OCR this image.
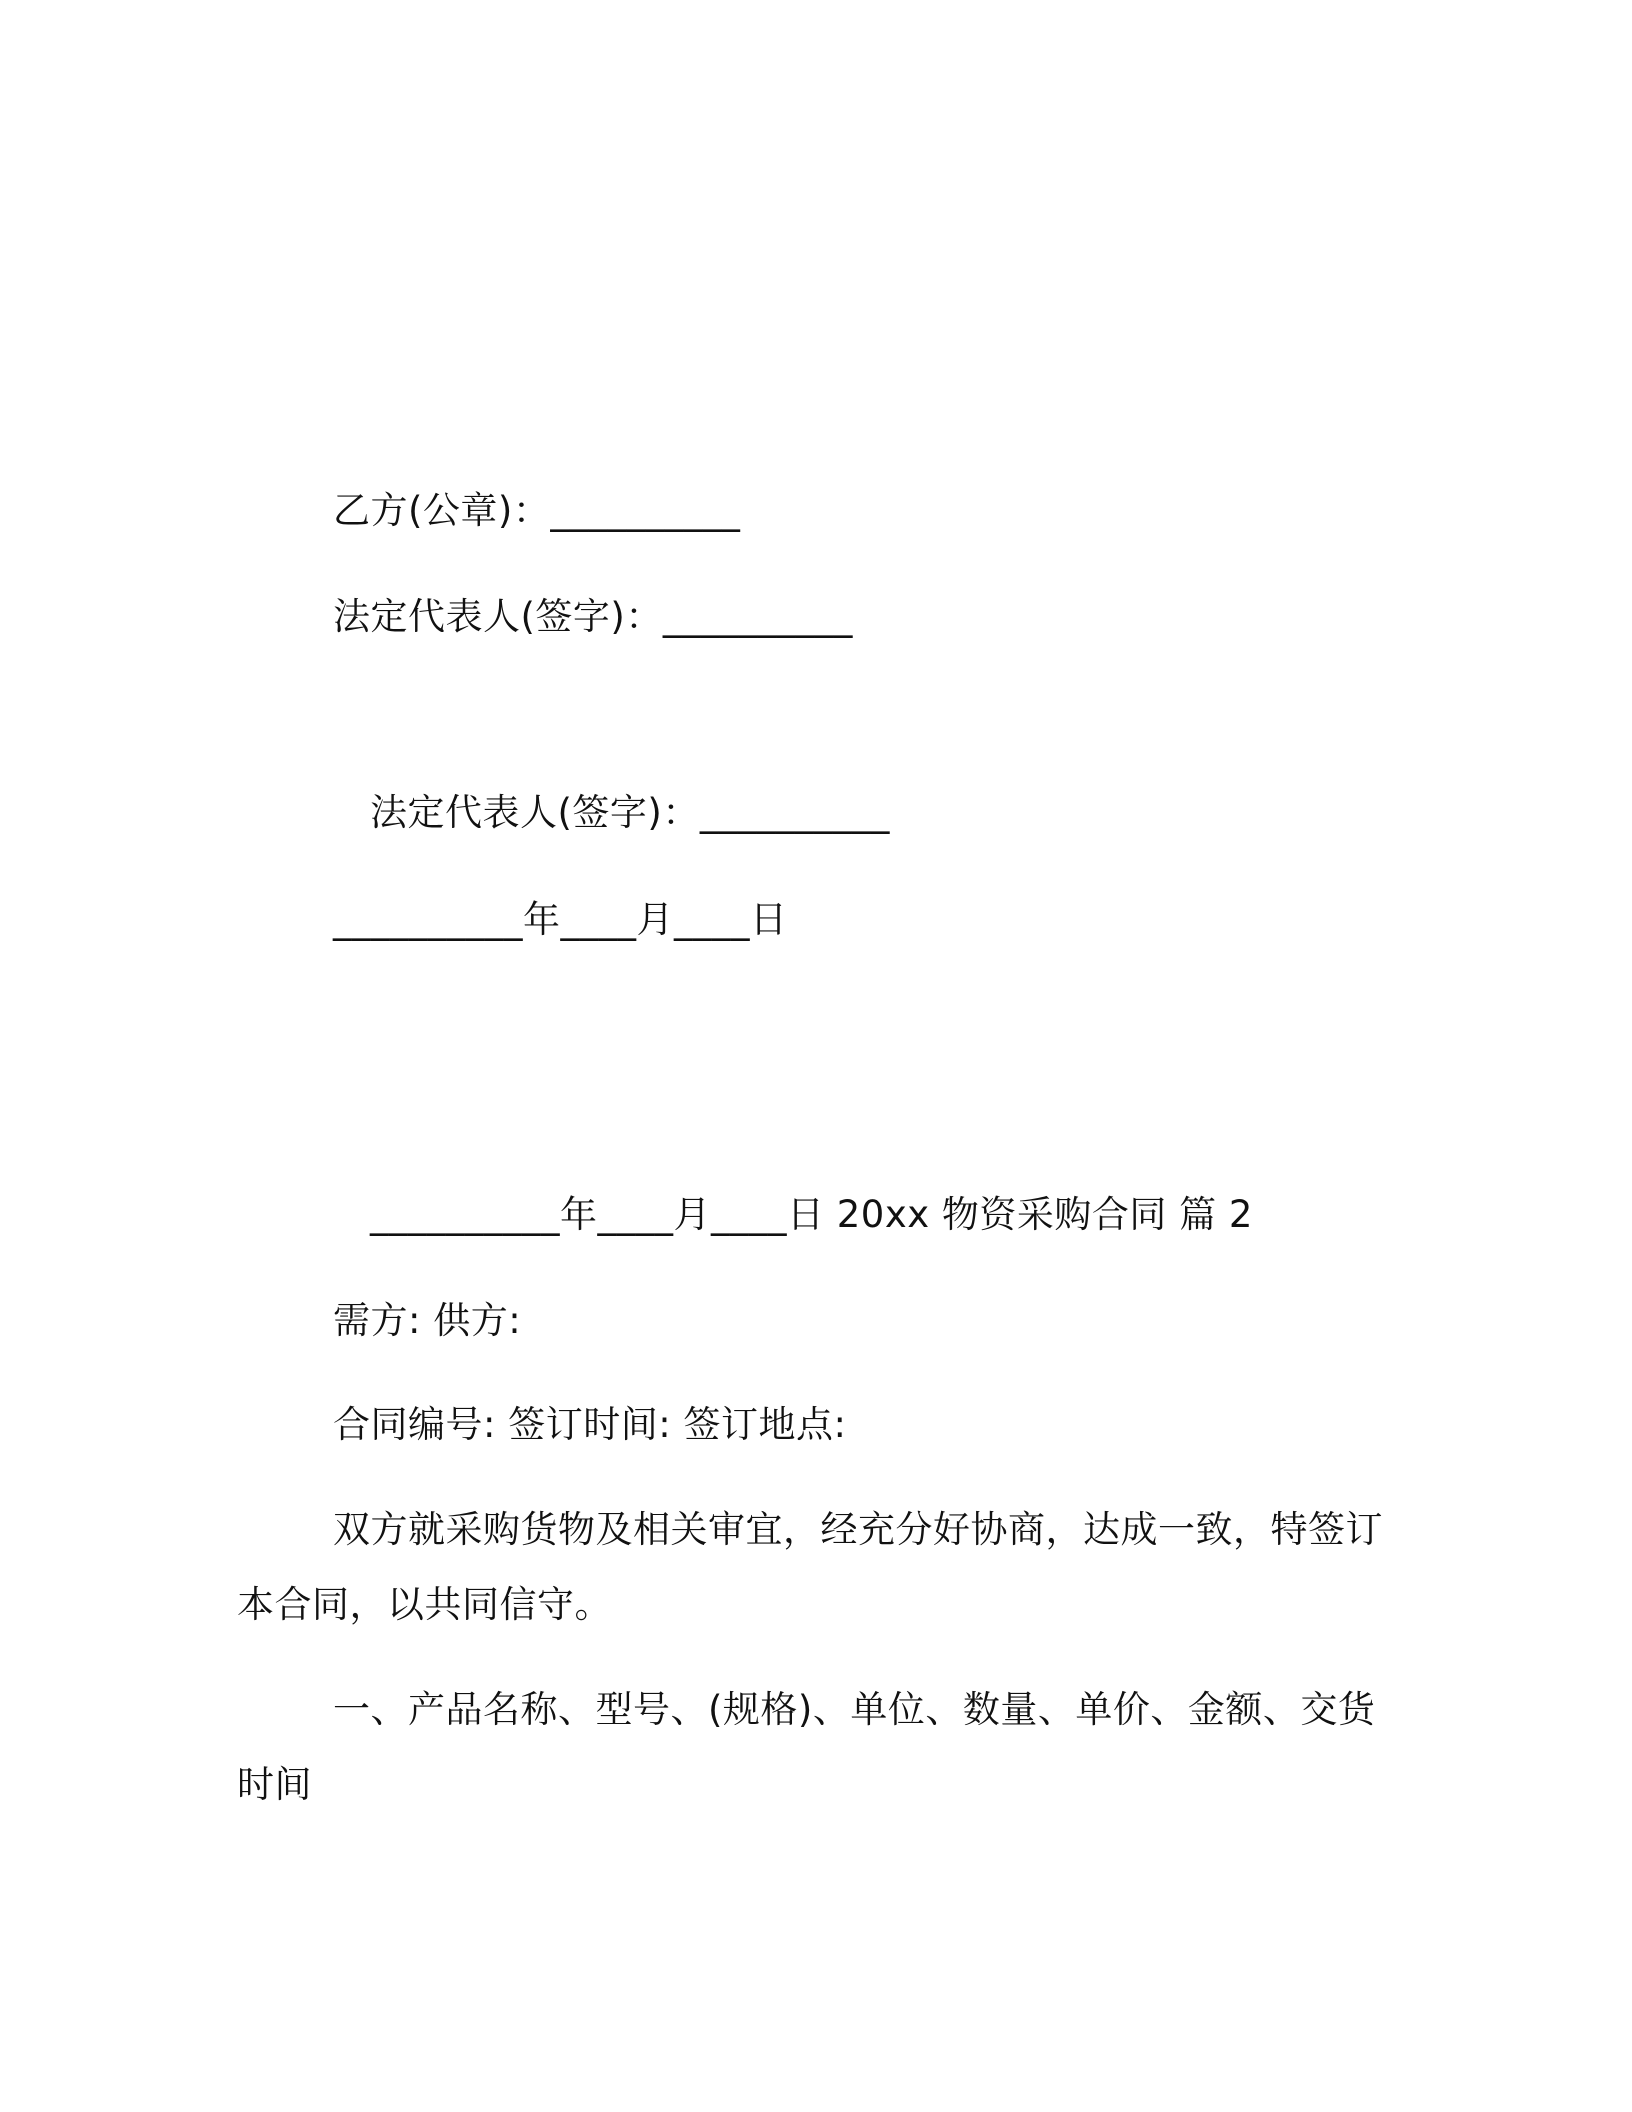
乙方(公章)：__________
法定代表人(签字)：__________
法定代表人(签字)：__________
__________年____月____日
__________年____月____日 20xx 物资采购合同 篇 2
需方: 供方:
合同编号: 签订时间: 签订地点:
双方就采购货物及相关审宜，经充分好协商，达成一致，特签订
本合同，以共同信守。
一、产品名称、型号、(规格)、单位、数量、单价、金额、交货
时间
